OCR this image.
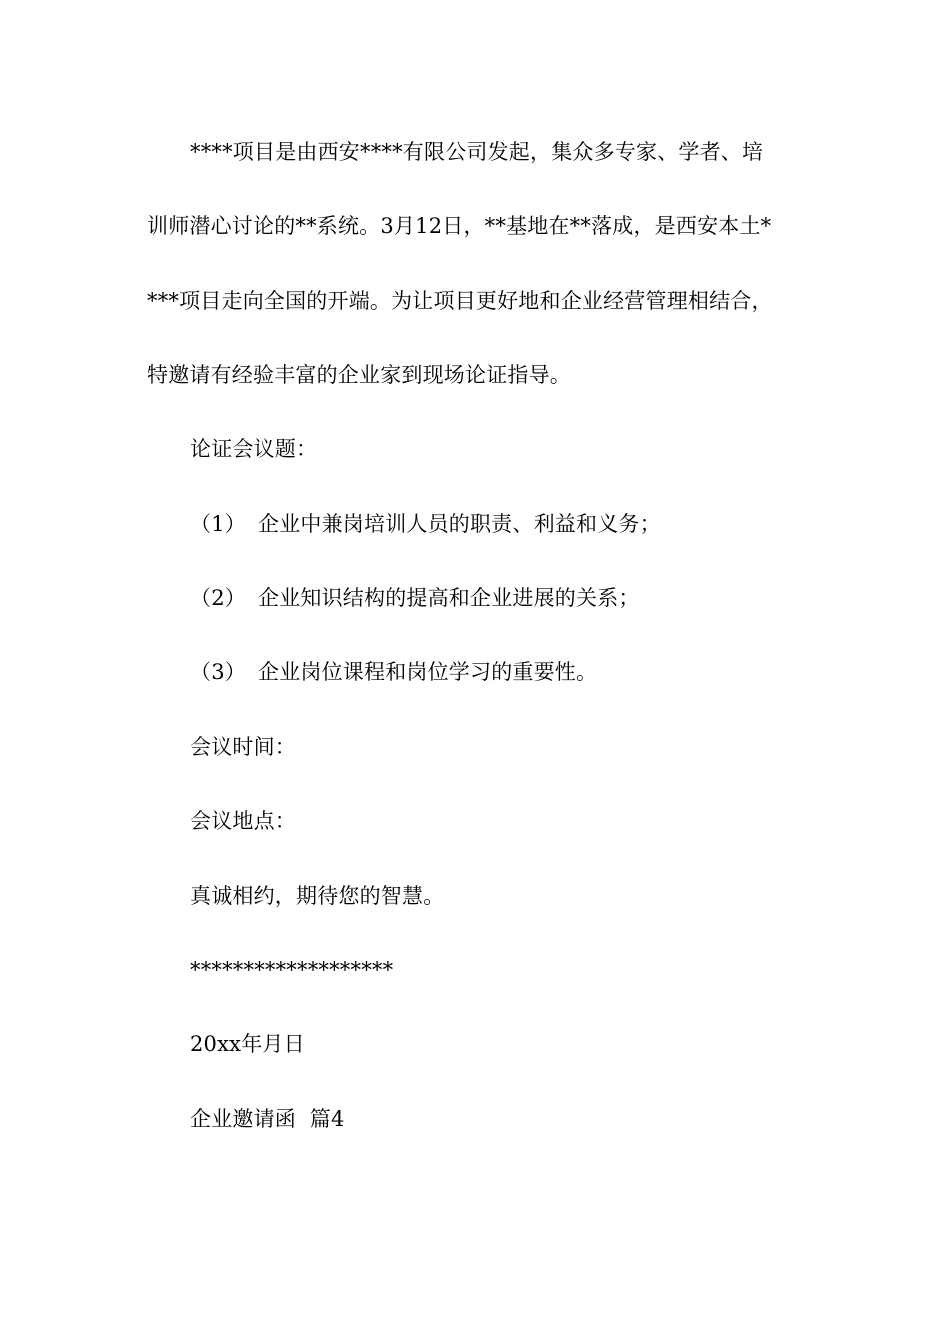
****项目是由西安****有限公司发起，集众多专家、学者、培
训师潜心讨论的**系统。3月12日，**基地在**落成，是西安本土*
***项目走向全国的开端。为让项目更好地和企业经营管理相结合，
特邀请有经验丰富的企业家到现场论证指导。
论证会议题：
（1） 企业中兼岗培训人员的职责、利益和义务；
（2） 企业知识结构的提高和企业进展的关系；
（3） 企业岗位课程和岗位学习的重要性。
会议时间：
会议地点：
真诚相约，期待您的智慧。
*******************
20xx年月日
企业邀请函  篇4
